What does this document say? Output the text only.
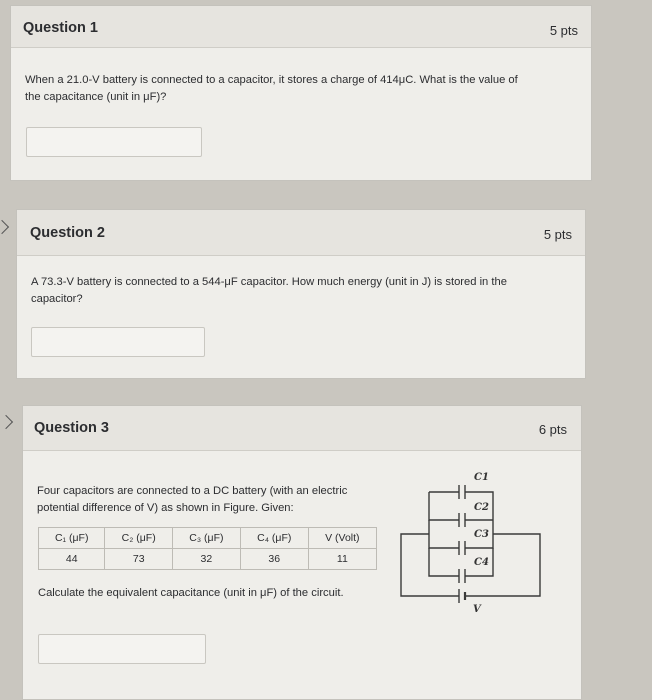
Question 1	5 pts
When a 21.0-V battery is connected to a capacitor, it stores a charge of 414μC. What is the value of
the capacitance (unit in μF)?
Question 2	5 pts
A 73.3-V battery is connected to a 544-μF capacitor. How much energy (unit in J) is stored in the
capacitor?
Question 3	6 pts
Four capacitors are connected to a DC battery (with an electric
potential difference of V) as shown in Figure. Given:
C₁ (μF)	C₂ (μF)	C₃ (μF)	C₄ (μF)	V (Volt)
44	73	32	36	11
Calculate the equivalent capacitance (unit in μF) of the circuit.
C1
C2
C3
C4
V
